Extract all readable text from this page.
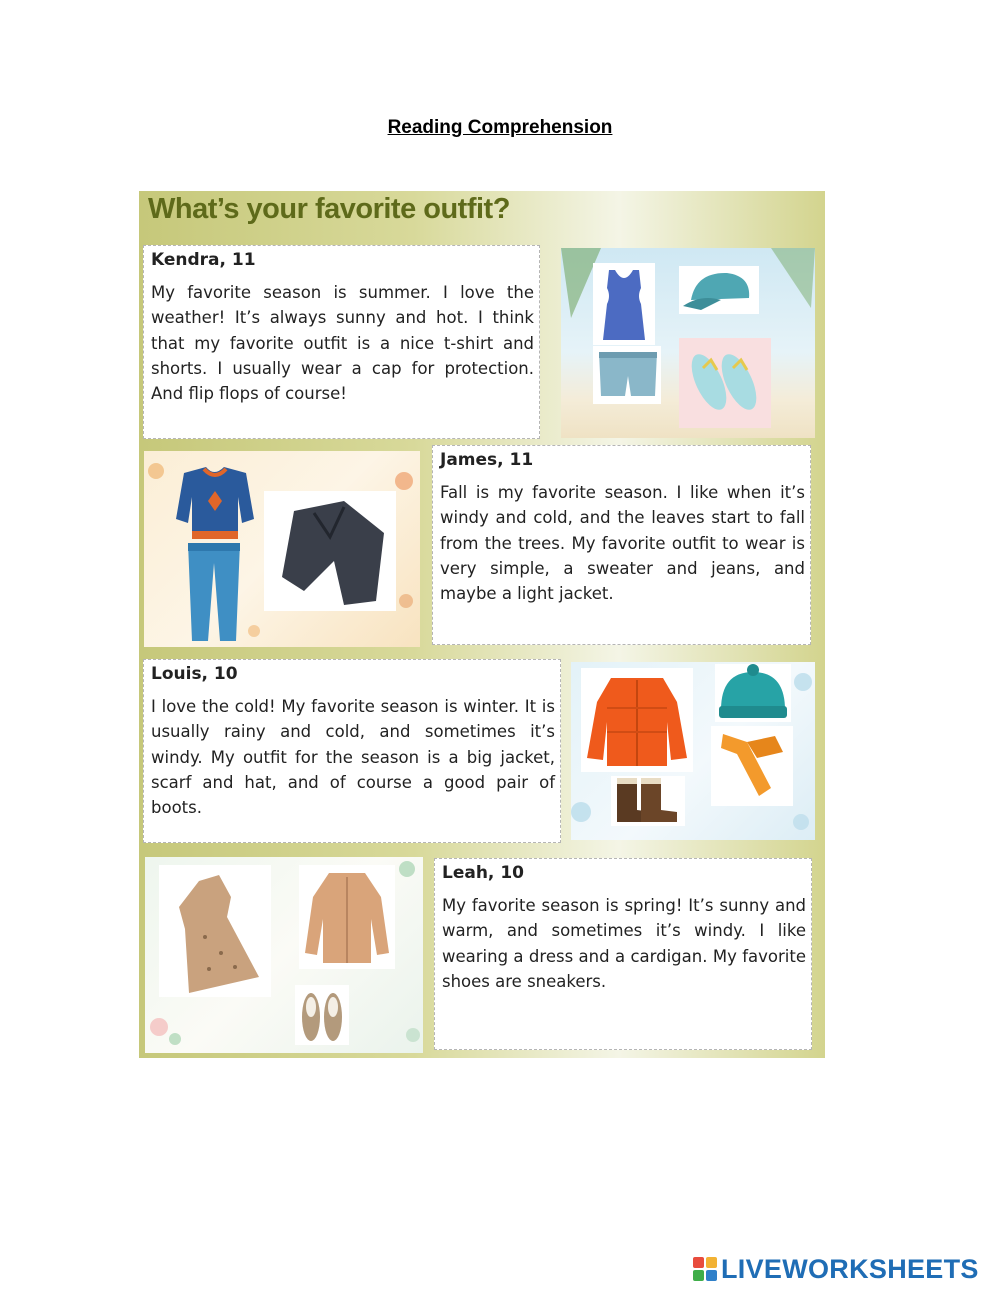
Reading Comprehension
What’s your favorite outfit?
Kendra, 11
My favorite season is summer. I love the weather! It’s always sunny and hot. I think that my favorite outfit is a nice t-shirt and shorts. I usually wear a cap for protection. And flip flops of course!
James, 11
Fall is my favorite season. I like when it’s windy and cold, and the leaves start to fall from the trees. My favorite outfit to wear is very simple, a sweater and jeans, and maybe a light jacket.
Louis, 10
I love the cold! My favorite season is winter. It is usually rainy and cold, and sometimes it’s windy. My outfit for the season is a big jacket, scarf and hat, and of course a good pair of boots.
Leah, 10
My favorite season is spring! It’s sunny and warm, and sometimes it’s windy. I like wearing a dress and a cardigan. My favorite shoes are sneakers.
LIVEWORKSHEETS
